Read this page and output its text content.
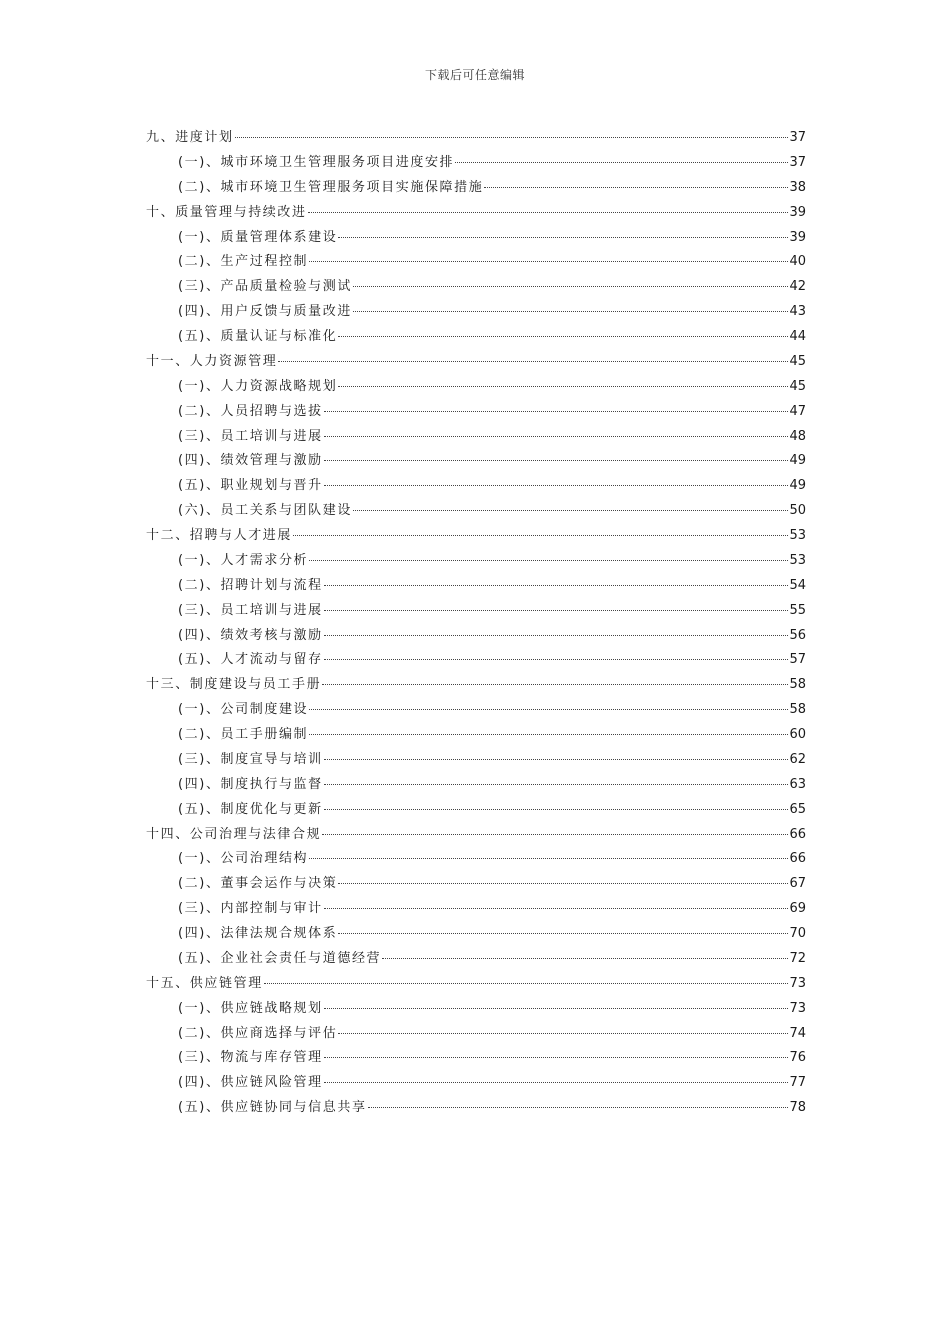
下载后可任意编辑
九、进度计划	37
(一)、城市环境卫生管理服务项目进度安排	37
(二)、城市环境卫生管理服务项目实施保障措施	38
十、质量管理与持续改进	39
(一)、质量管理体系建设	39
(二)、生产过程控制	40
(三)、产品质量检验与测试	42
(四)、用户反馈与质量改进	43
(五)、质量认证与标准化	44
十一、人力资源管理	45
(一)、人力资源战略规划	45
(二)、人员招聘与选拔	47
(三)、员工培训与进展	48
(四)、绩效管理与激励	49
(五)、职业规划与晋升	49
(六)、员工关系与团队建设	50
十二、招聘与人才进展	53
(一)、人才需求分析	53
(二)、招聘计划与流程	54
(三)、员工培训与进展	55
(四)、绩效考核与激励	56
(五)、人才流动与留存	57
十三、制度建设与员工手册	58
(一)、公司制度建设	58
(二)、员工手册编制	60
(三)、制度宣导与培训	62
(四)、制度执行与监督	63
(五)、制度优化与更新	65
十四、公司治理与法律合规	66
(一)、公司治理结构	66
(二)、董事会运作与决策	67
(三)、内部控制与审计	69
(四)、法律法规合规体系	70
(五)、企业社会责任与道德经营	72
十五、供应链管理	73
(一)、供应链战略规划	73
(二)、供应商选择与评估	74
(三)、物流与库存管理	76
(四)、供应链风险管理	77
(五)、供应链协同与信息共享	78
